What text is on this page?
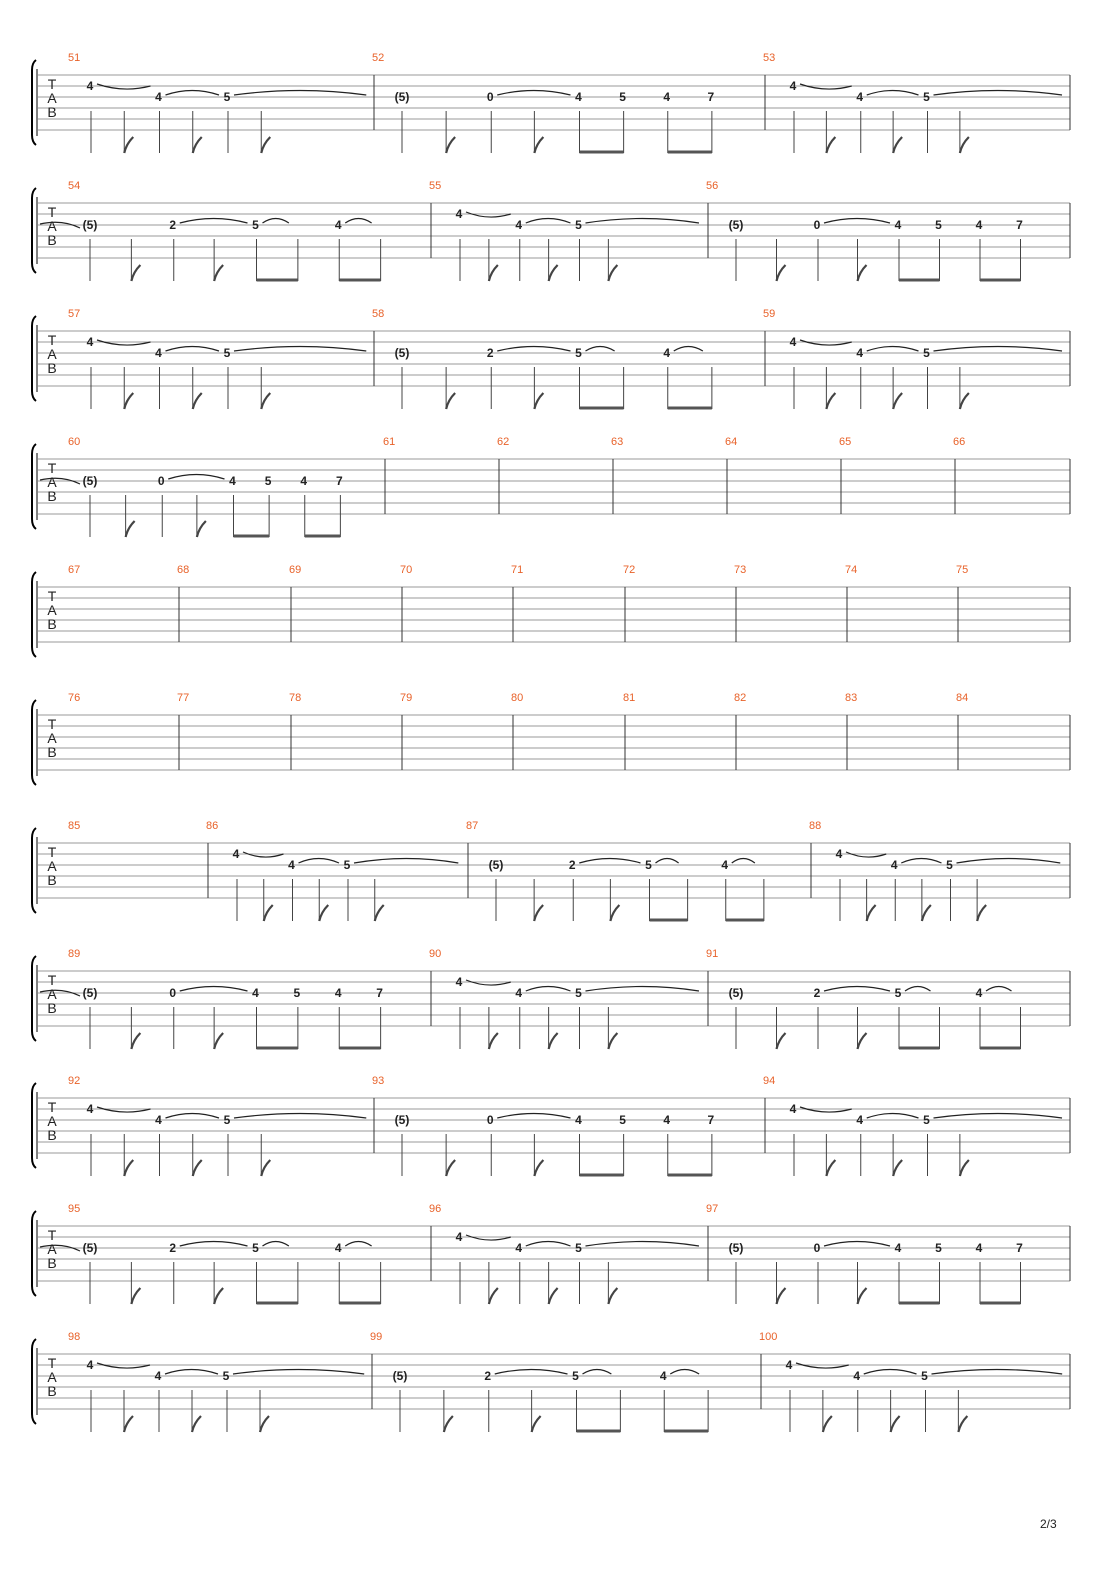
T
A
B
51
4
4	5
52
(5)	0	4	5	4	7
53
4
4	5
T
A
B
54
(5)	2	5	4
55
4
4	5
56
(5)	0	4	5	4	7
T
A
B
57
4
4	5
58
(5)	2	5	4
59
4
4	5
T
A
B
60
(5)	0	4 5 4 7
61	62	63	64	65	66
T
A
B
67	68	69	70	71	72	73	74	75
T
A
B
76	77	78	79	80	81	82	83	84
T
A
B
85	86
4
4	5
87
(5)	2	5	4
88
4
4	5
T
A
B
89
(5)	0	4	5	4	7
90
4
4	5
91
(5)	2	5	4
T
A
B
92
4
4	5
93
(5)	0	4	5	4	7
94
4
4	5
T
A
B
95
(5)	2	5	4
96
4
4	5
97
(5)	0	4	5	4	7
T
A
B
98
4
4	5
99
(5)	2	5	4
100
4
4	5
2/3
